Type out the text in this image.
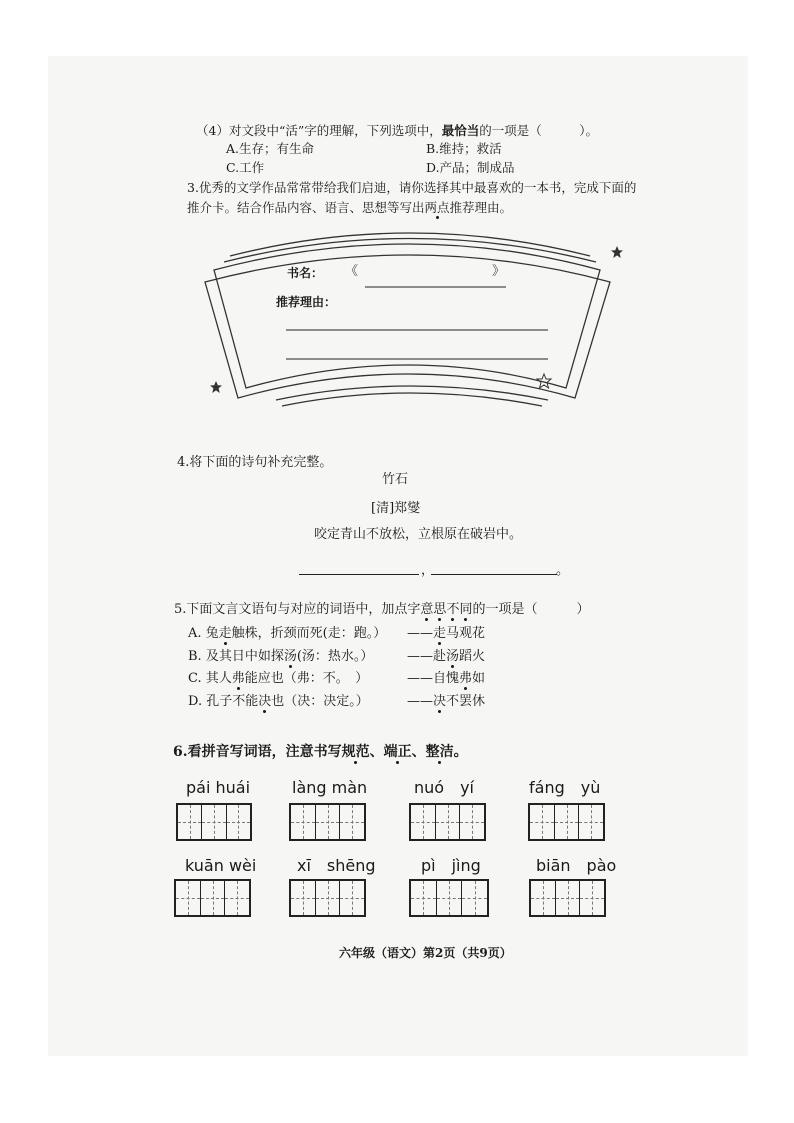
（4）对文段中“活”字的理解，下列选项中，最恰当的一项是（　　　）。
A.生存；有生命	B.维持；救活
C.工作	D.产品；制成品
3.优秀的文学作品常常带给我们启迪，请你选择其中最喜欢的一本书，完成下面的
推介卡。结合作品内容、语言、思想等写出两点推荐理由。
书名： 《	》
推荐理由：
4.将下面的诗句补充完整。
竹石
[清]郑燮
咬定青山不放松，立根原在破岩中。
，	。
5.下面文言文语句与对应的词语中，加点字意思不同的一项是（　　　）
A. 兔走触株，折颈而死(走：跑。） ——走马观花
B. 及其日中如探汤(汤：热水。）	——赴汤蹈火
C. 其人弗能应也（弗：不。　）	——自愧弗如
D. 孔子不能决也（决：决定。）	——决不罢休
6.看拼音写词语，注意书写规范、端正、整洁。
pái huái	làng màn	nuó　yí	fáng　yù
kuān wèi	xī　shēng	pì　jìng	biān　pào
六年级（语文）第2页（共9页）
